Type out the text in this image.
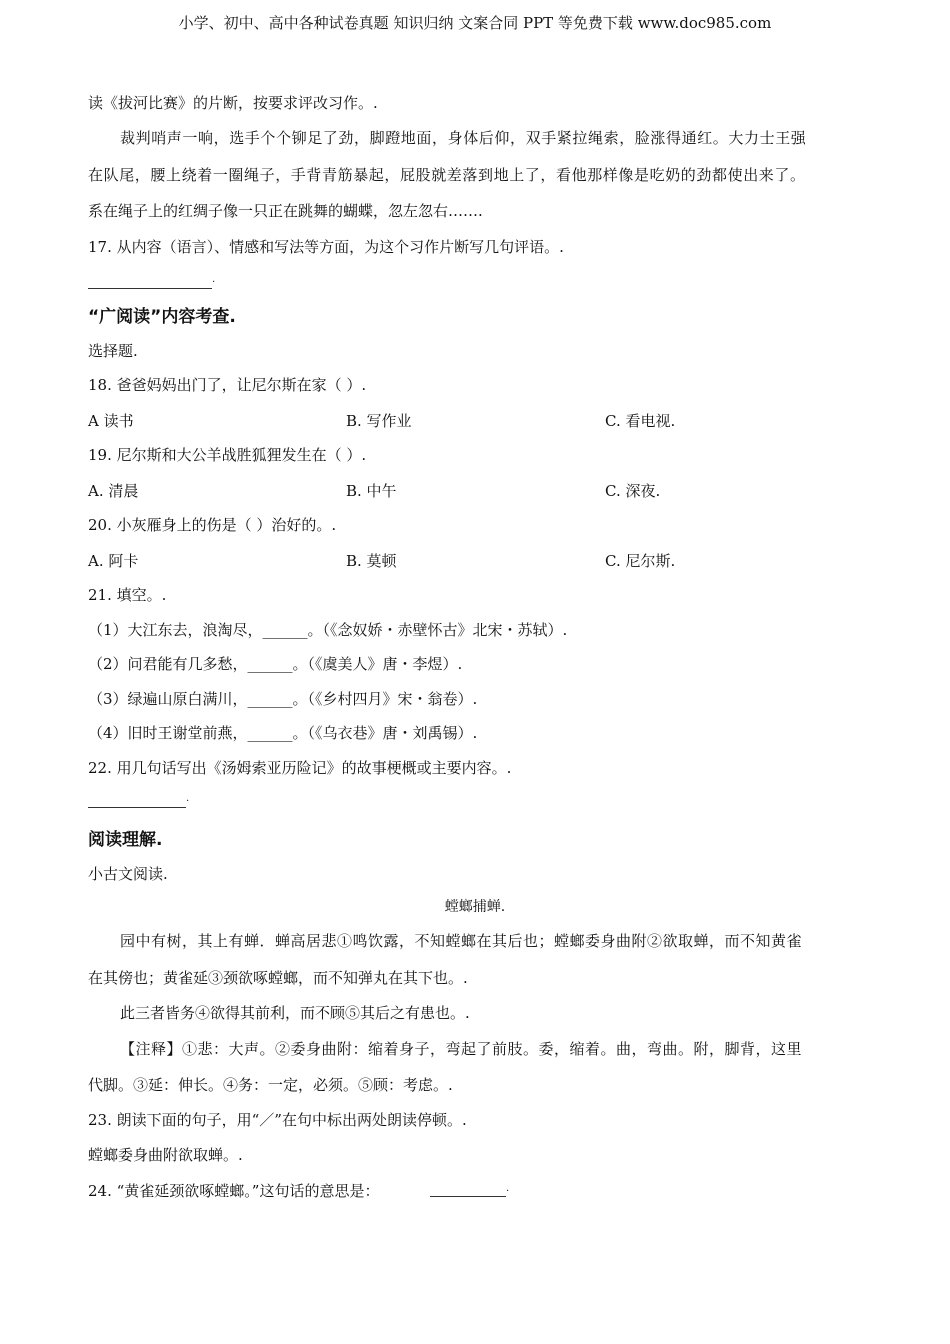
小学、初中、高中各种试卷真题 知识归纳 文案合同 PPT 等免费下载 www.doc985.com
读《拔河比赛》的片断，按要求评改习作。.
裁判哨声一响，选手个个铆足了劲，脚蹬地面，身体后仰，双手紧拉绳索，脸涨得通红。大力士王强
在队尾，腰上绕着一圈绳子，手背青筋暴起，屁股就差落到地上了，看他那样像是吃奶的劲都使出来了。
系在绳子上的红绸子像一只正在跳舞的蝴蝶，忽左忽右…….
17. 从内容（语言）、情感和写法等方面，为这个习作片断写几句评语。.
.
“广阅读”内容考查.
选择题.
18. 爸爸妈妈出门了，让尼尔斯在家（ ）.
A 读书	B. 写作业	C. 看电视.
19. 尼尔斯和大公羊战胜狐狸发生在（ ）.
A. 清晨	B. 中午	C. 深夜.
20. 小灰雁身上的伤是（ ）治好的。.
A. 阿卡	B. 莫顿	C. 尼尔斯.
21. 填空。.
（1）大江东去，浪淘尽，______。（《念奴娇・赤壁怀古》北宋・苏轼）.
（2）问君能有几多愁，______。（《虞美人》唐・李煜）.
（3）绿遍山原白满川，______。（《乡村四月》宋・翁卷）.
（4）旧时王谢堂前燕，______。（《乌衣巷》唐・刘禹锡）.
22. 用几句话写出《汤姆索亚历险记》的故事梗概或主要内容。.
.
阅读理解.
小古文阅读.
螳螂捕蝉.
园中有树，其上有蝉．蝉高居悲①鸣饮露，不知螳螂在其后也；螳螂委身曲附②欲取蝉，而不知黄雀
在其傍也；黄雀延③颈欲啄螳螂，而不知弹丸在其下也。.
此三者皆务④欲得其前利，而不顾⑤其后之有患也。.
【注释】①悲：大声。②委身曲附：缩着身子，弯起了前肢。委，缩着。曲，弯曲。附，脚背，这里
代脚。③延：伸长。④务：一定，必须。⑤顾：考虑。.
23. 朗读下面的句子，用“／”在句中标出两处朗读停顿。.
螳螂委身曲附欲取蝉。.
24. “黄雀延颈欲啄螳螂。”这句话的意思是：	.
